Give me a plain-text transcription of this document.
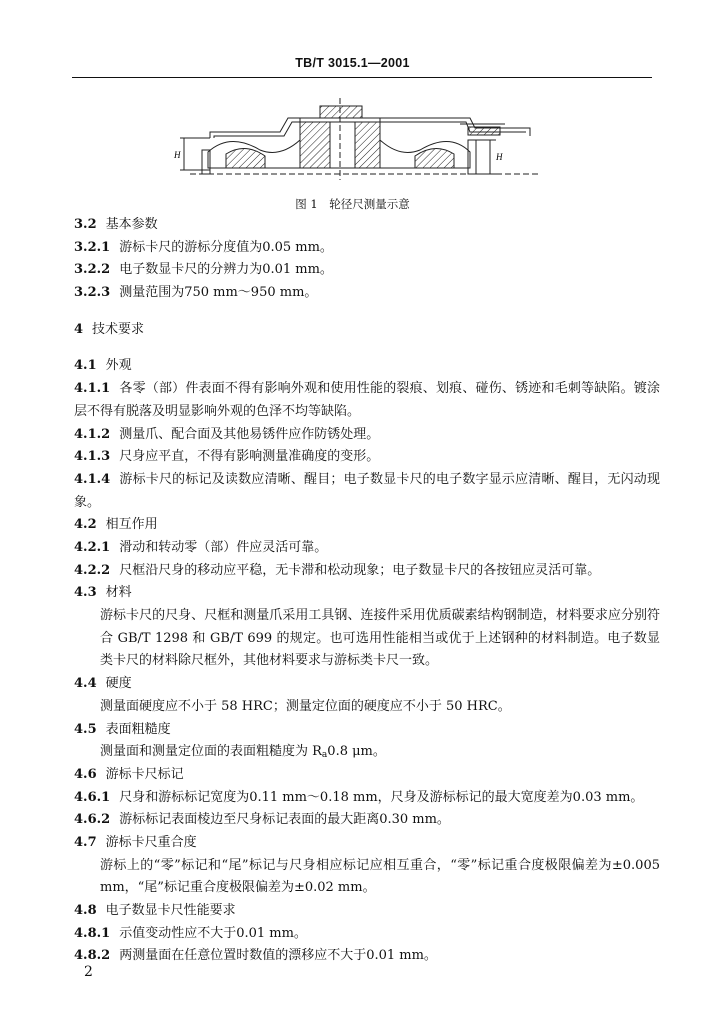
TB/T 3015.1—2001
H	H
图 1　轮径尺测量示意
3.2 基本参数
3.2.1 游标卡尺的游标分度值为0.05 mm。
3.2.2 电子数显卡尺的分辨力为0.01 mm。
3.2.3 测量范围为750 mm～950 mm。
4 技术要求
4.1 外观
4.1.1 各零（部）件表面不得有影响外观和使用性能的裂痕、划痕、碰伤、锈迹和毛刺等缺陷。镀涂层不得有脱落及明显影响外观的色泽不均等缺陷。
4.1.2 测量爪、配合面及其他易锈件应作防锈处理。
4.1.3 尺身应平直，不得有影响测量准确度的变形。
4.1.4 游标卡尺的标记及读数应清晰、醒目；电子数显卡尺的电子数字显示应清晰、醒目，无闪动现象。
4.2 相互作用
4.2.1 滑动和转动零（部）件应灵活可靠。
4.2.2 尺框沿尺身的移动应平稳，无卡滞和松动现象；电子数显卡尺的各按钮应灵活可靠。
4.3 材料
游标卡尺的尺身、尺框和测量爪采用工具钢、连接件采用优质碳素结构钢制造，材料要求应分别符合 GB/T 1298 和 GB/T 699 的规定。也可选用性能相当或优于上述钢种的材料制造。电子数显类卡尺的材料除尺框外，其他材料要求与游标类卡尺一致。
4.4 硬度
测量面硬度应不小于 58 HRC；测量定位面的硬度应不小于 50 HRC。
4.5 表面粗糙度
测量面和测量定位面的表面粗糙度为 Ra0.8 μm。
4.6 游标卡尺标记
4.6.1 尺身和游标标记宽度为0.11 mm～0.18 mm，尺身及游标标记的最大宽度差为0.03 mm。
4.6.2 游标标记表面棱边至尺身标记表面的最大距离0.30 mm。
4.7 游标卡尺重合度
游标上的“零”标记和“尾”标记与尺身相应标记应相互重合，“零”标记重合度极限偏差为±0.005 mm，“尾”标记重合度极限偏差为±0.02 mm。
4.8 电子数显卡尺性能要求
4.8.1 示值变动性应不大于0.01 mm。
4.8.2 两测量面在任意位置时数值的漂移应不大于0.01 mm。
2
